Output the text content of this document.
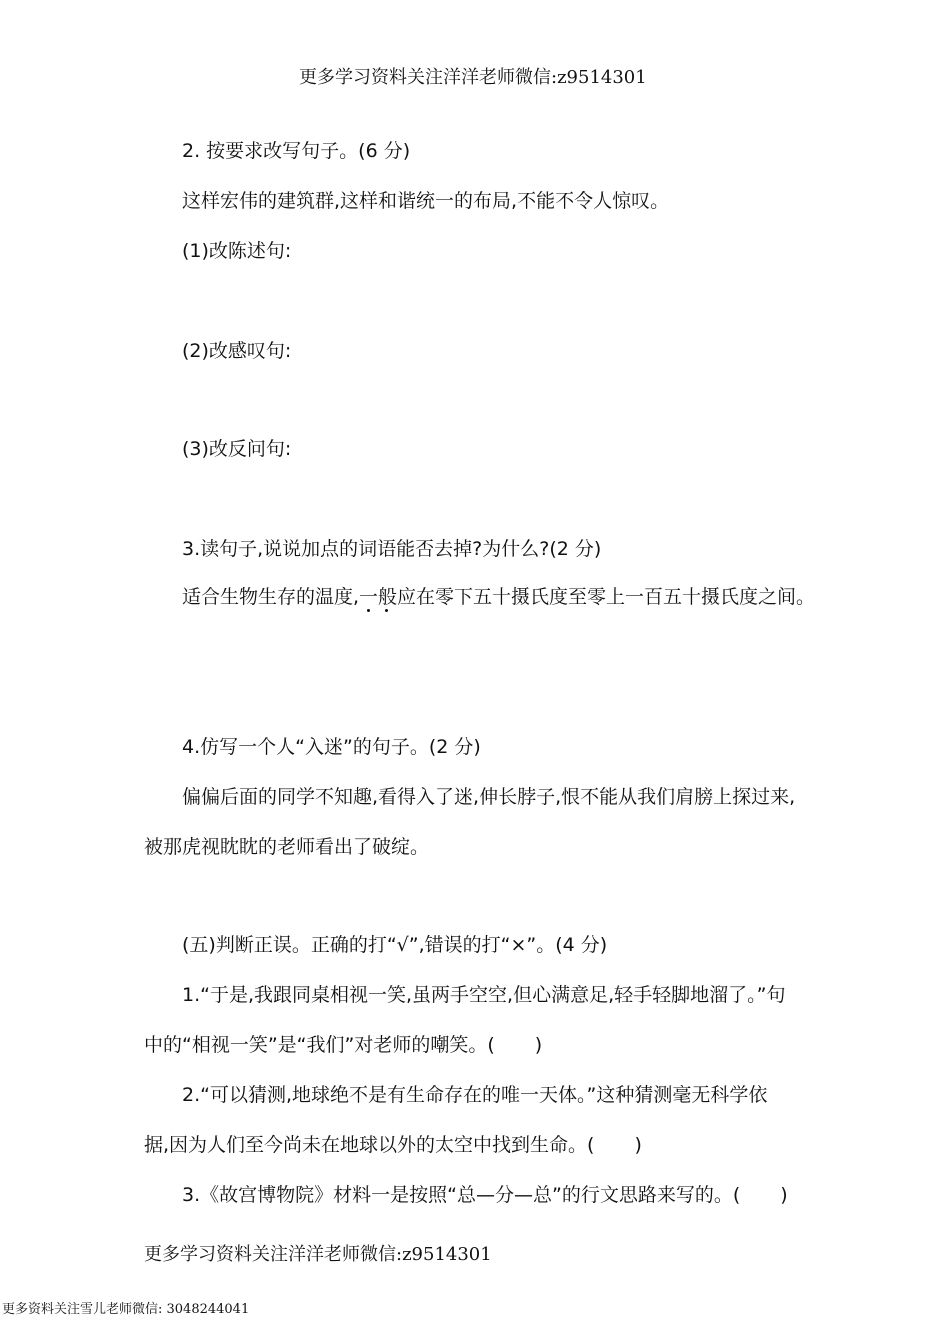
更多学习资料关注洋洋老师微信:z9514301
2. 按要求改写句子。(6 分)
这样宏伟的建筑群,这样和谐统一的布局,不能不令人惊叹。
(1)改陈述句:
(2)改感叹句:
(3)改反问句:
3.读句子,说说加点的词语能否去掉?为什么?(2 分)
适合生物生存的温度,一般应在零下五十摄氏度至零上一百五十摄氏度之间。
4.仿写一个人“入迷”的句子。(2 分)
偏偏后面的同学不知趣,看得入了迷,伸长脖子,恨不能从我们肩膀上探过来,
被那虎视眈眈的老师看出了破绽。
(五)判断正误。正确的打“√”,错误的打“×”。(4 分)
1.“于是,我跟同桌相视一笑,虽两手空空,但心满意足,轻手轻脚地溜了。”句
中的“相视一笑”是“我们”对老师的嘲笑。( )
2.“可以猜测,地球绝不是有生命存在的唯一天体。”这种猜测毫无科学依
据,因为人们至今尚未在地球以外的太空中找到生命。( )
3.《故宫博物院》材料一是按照“总—分—总”的行文思路来写的。( )
更多学习资料关注洋洋老师微信:z9514301
更多资料关注雪儿老师微信: 3048244041
